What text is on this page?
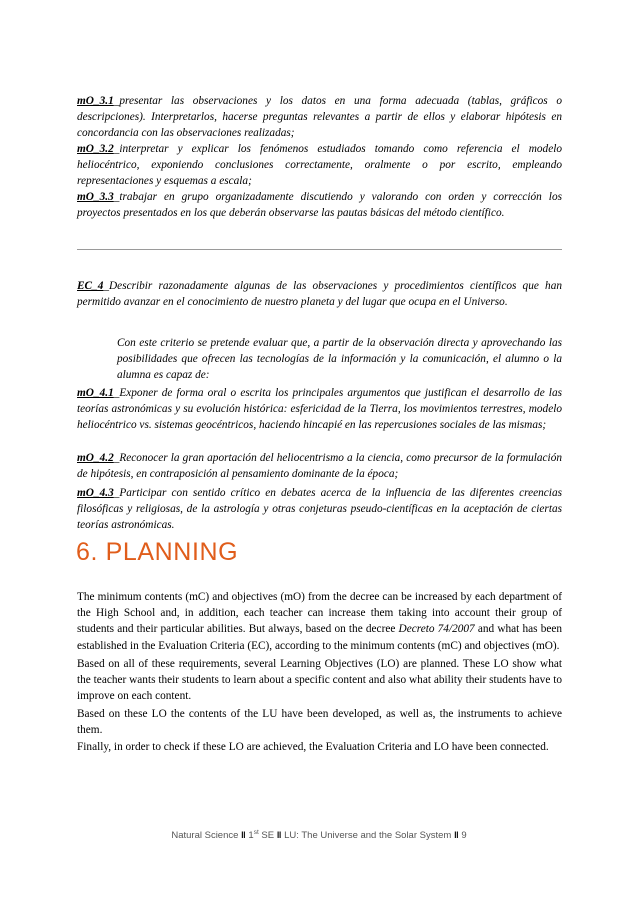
mO_3.1_presentar las observaciones y los datos en una forma adecuada (tablas, gráficos o descripciones). Interpretarlos, hacerse preguntas relevantes a partir de ellos y elaborar hipótesis en concordancia con las observaciones realizadas;

mO_3.2_interpretar y explicar los fenómenos estudiados tomando como referencia el modelo heliocéntrico, exponiendo conclusiones correctamente, oralmente o por escrito, empleando representaciones y esquemas a escala;

mO_3.3_trabajar en grupo organizadamente discutiendo y valorando con orden y corrección los proyectos presentados en los que deberán observarse las pautas básicas del método científico.

EC_4_Describir razonadamente algunas de las observaciones y procedimientos científicos que han permitido avanzar en el conocimiento de nuestro planeta y del lugar que ocupa en el Universo.

Con este criterio se pretende evaluar que, a partir de la observación directa y aprovechando las posibilidades que ofrecen las tecnologías de la información y la comunicación, el alumno o la alumna es capaz de:

mO_4.1_Exponer de forma oral o escrita los principales argumentos que justifican el desarrollo de las teorías astronómicas y su evolución histórica: esfericidad de la Tierra, los movimientos terrestres, modelo heliocéntrico vs. sistemas geocéntricos, haciendo hincapié en las repercusiones sociales de las mismas;

mO_4.2_Reconocer la gran aportación del heliocentrismo a la ciencia, como precursor de la formulación de hipótesis, en contraposición al pensamiento dominante de la época;

mO_4.3_Participar con sentido crítico en debates acerca de la influencia de las diferentes creencias filosóficas y religiosas, de la astrología y otras conjeturas pseudo-científicas en la aceptación de ciertas teorías astronómicas.

6. PLANNING

The minimum contents (mC) and objectives (mO) from the decree can be increased by each department of the High School and, in addition, each teacher can increase them taking into account their group of students and their particular abilities. But always, based on the decree Decreto 74/2007 and what has been established in the Evaluation Criteria (EC), according to the minimum contents (mC) and objectives (mO).

Based on all of these requirements, several Learning Objectives (LO) are planned. These LO show what the teacher wants their students to learn about a specific content and also what ability their students have to improve on each content.

Based on these LO the contents of the LU have been developed, as well as, the instruments to achieve them.

Finally, in order to check if these LO are achieved, the Evaluation Criteria and LO have been connected.

Natural Science ‖ 1st SE ‖ LU: The Universe and the Solar System ‖ 9
